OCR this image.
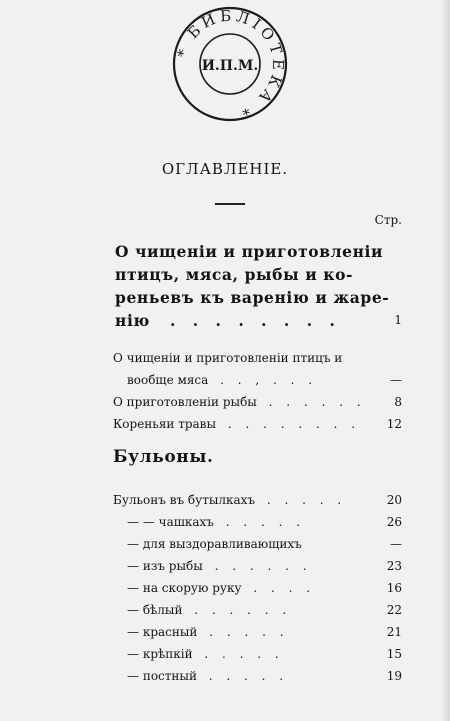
* БИБЛІОТЕКА *
И.П.М.
ОГЛАВЛЕНІЕ.
Стр.
О чищеніи и приготовленіи
птицъ, мяса, рыбы и ко-
реньевъ къ варенію и жаре-
нію . . . . . . . .	1
О чищеніи и приготовленіи птицъ и
вообще мяса . . , . . .	—
О приготовленіи рыбы . . . . . . 8
Кореньяи травы . . . . . . . . 12
Бульоны.
Бульонъ въ бутылкахъ . . . . .	20
— — чашкахъ . . . . .	26
— для выздоравливающихъ	—
— изъ рыбы . . . . . .	23
— на скорую руку . . . .	16
— бѣлый . . . . . .	22
— красный . . . . .	21
— крѣпкій . . . . .	15
— постный . . . . .	19
